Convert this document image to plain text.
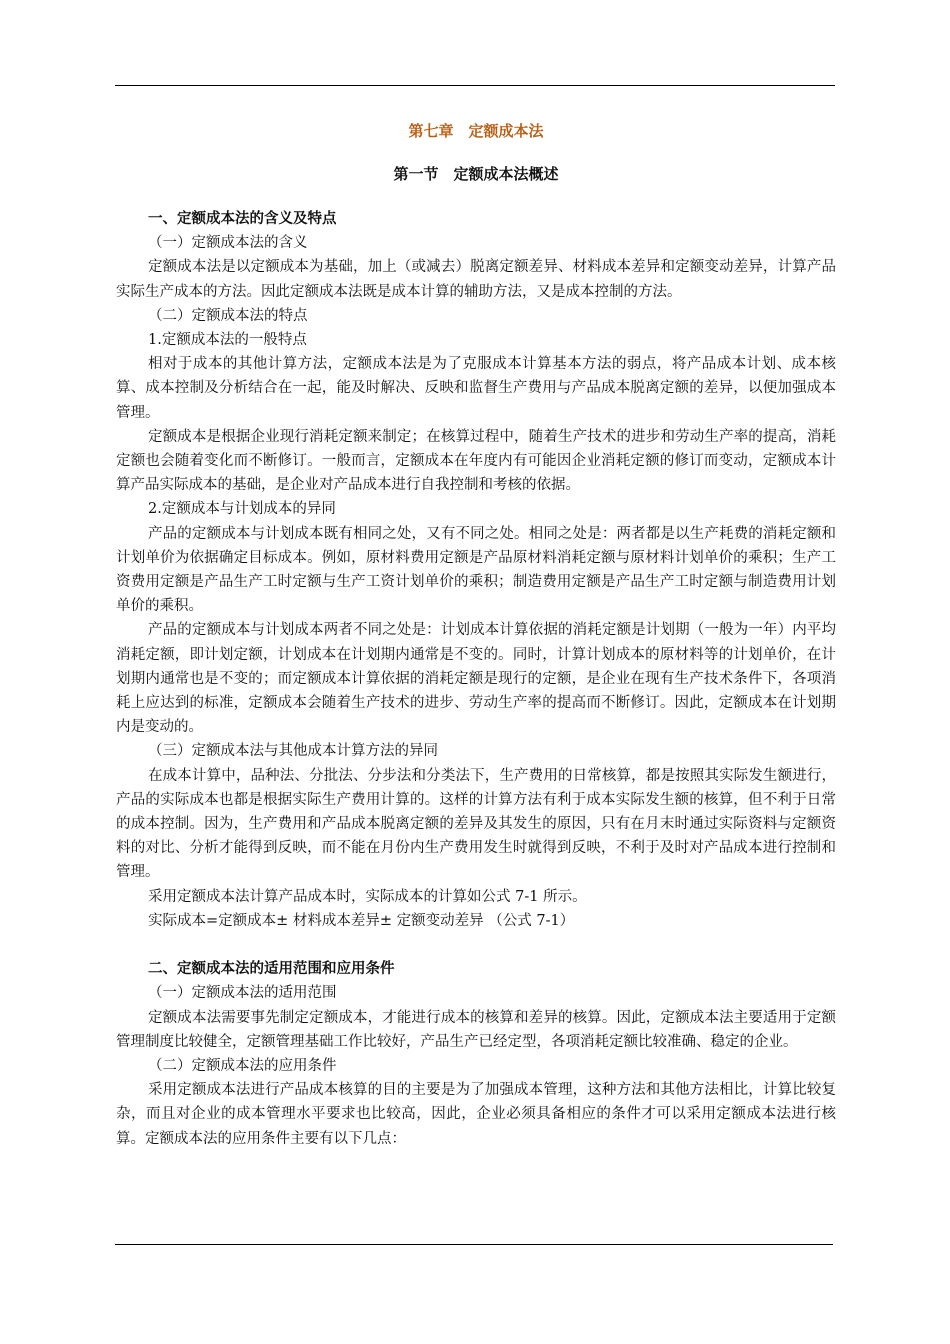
第七章　定额成本法
第一节　定额成本法概述

一、定额成本法的含义及特点

（一）定额成本法的含义

定额成本法是以定额成本为基础，加上（或减去）脱离定额差异、材料成本差异和定额变动差异，计算产品实际生产成本的方法。因此定额成本法既是成本计算的辅助方法，又是成本控制的方法。

（二）定额成本法的特点

1.定额成本法的一般特点

相对于成本的其他计算方法，定额成本法是为了克服成本计算基本方法的弱点，将产品成本计划、成本核算、成本控制及分析结合在一起，能及时解决、反映和监督生产费用与产品成本脱离定额的差异，以便加强成本管理。

定额成本是根据企业现行消耗定额来制定；在核算过程中，随着生产技术的进步和劳动生产率的提高，消耗定额也会随着变化而不断修订。一般而言，定额成本在年度内有可能因企业消耗定额的修订而变动，定额成本计算产品实际成本的基础，是企业对产品成本进行自我控制和考核的依据。

2.定额成本与计划成本的异同

产品的定额成本与计划成本既有相同之处，又有不同之处。相同之处是：两者都是以生产耗费的消耗定额和计划单价为依据确定目标成本。例如，原材料费用定额是产品原材料消耗定额与原材料计划单价的乘积；生产工资费用定额是产品生产工时定额与生产工资计划单价的乘积；制造费用定额是产品生产工时定额与制造费用计划单价的乘积。

产品的定额成本与计划成本两者不同之处是：计划成本计算依据的消耗定额是计划期（一般为一年）内平均消耗定额，即计划定额，计划成本在计划期内通常是不变的。同时，计算计划成本的原材料等的计划单价，在计划期内通常也是不变的；而定额成本计算依据的消耗定额是现行的定额，是企业在现有生产技术条件下，各项消耗上应达到的标准，定额成本会随着生产技术的进步、劳动生产率的提高而不断修订。因此，定额成本在计划期内是变动的。

（三）定额成本法与其他成本计算方法的异同

在成本计算中，品种法、分批法、分步法和分类法下，生产费用的日常核算，都是按照其实际发生额进行，产品的实际成本也都是根据实际生产费用计算的。这样的计算方法有利于成本实际发生额的核算，但不利于日常的成本控制。因为，生产费用和产品成本脱离定额的差异及其发生的原因，只有在月末时通过实际资料与定额资料的对比、分析才能得到反映，而不能在月份内生产费用发生时就得到反映，不利于及时对产品成本进行控制和管理。

采用定额成本法计算产品成本时，实际成本的计算如公式 7-1 所示。

实际成本=定额成本± 材料成本差异± 定额变动差异 （公式 7-1）

二、定额成本法的适用范围和应用条件

（一）定额成本法的适用范围

定额成本法需要事先制定定额成本，才能进行成本的核算和差异的核算。因此，定额成本法主要适用于定额管理制度比较健全，定额管理基础工作比较好，产品生产已经定型，各项消耗定额比较准确、稳定的企业。

（二）定额成本法的应用条件

采用定额成本法进行产品成本核算的目的主要是为了加强成本管理，这种方法和其他方法相比，计算比较复杂，而且对企业的成本管理水平要求也比较高，因此，企业必须具备相应的条件才可以采用定额成本法进行核算。定额成本法的应用条件主要有以下几点：
